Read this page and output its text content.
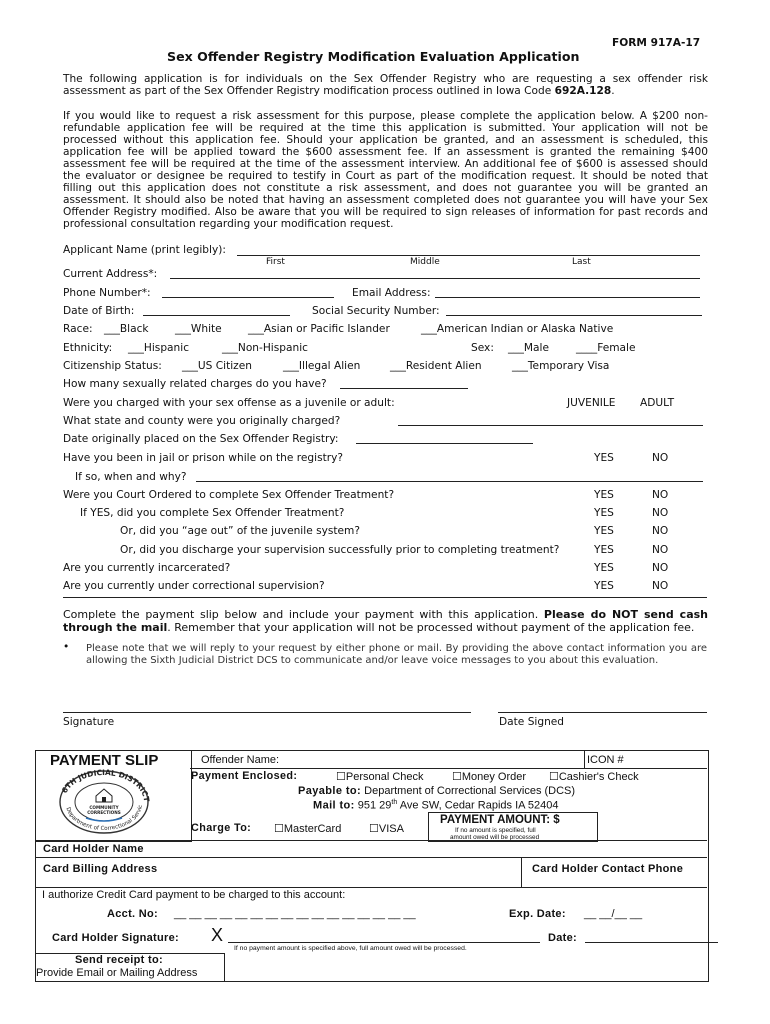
FORM 917A-17
Sex Offender Registry Modification Evaluation Application
The following application is for individuals on the Sex Offender Registry who are requesting a sex offender risk assessment as part of the Sex Offender Registry modification process outlined in Iowa Code 692A.128.
If you would like to request a risk assessment for this purpose, please complete the application below. A $200 non-refundable application fee will be required at the time this application is submitted. Your application will not be processed without this application fee. Should your application be granted, and an assessment is scheduled, this application fee will be applied toward the $600 assessment fee. If an assessment is granted the remaining $400 assessment fee will be required at the time of the assessment interview. An additional fee of $600 is assessed should the evaluator or designee be required to testify in Court as part of the modification request. It should be noted that filling out this application does not constitute a risk assessment, and does not guarantee you will be granted an assessment. It should also be noted that having an assessment completed does not guarantee you will have your Sex Offender Registry modified. Also be aware that you will be required to sign releases of information for past records and professional consultation regarding your modification request.
Applicant Name (print legibly):
First	Middle	Last
Current Address*:
Phone Number*:	Email Address:
Date of Birth:	Social Security Number:
Race: ___Black ___White ___Asian or Pacific Islander	___American Indian or Alaska Native
Ethnicity: ___Hispanic	___Non-Hispanic	Sex: ___Male	____Female
Citizenship Status: ___US Citizen	___Illegal Alien	___Resident Alien	___Temporary Visa
How many sexually related charges do you have?
Were you charged with your sex offense as a juvenile or adult:	JUVENILE ADULT
What state and county were you originally charged?
Date originally placed on the Sex Offender Registry:
Have you been in jail or prison while on the registry?	YES	NO
If so, when and why?
Were you Court Ordered to complete Sex Offender Treatment?	YES	NO
If YES, did you complete Sex Offender Treatment?	YES	NO
Or, did you “age out” of the juvenile system?	YES	NO
Or, did you discharge your supervision successfully prior to completing treatment?	YES	NO
Are you currently incarcerated?	YES	NO
Are you currently under correctional supervision?	YES	NO
Complete the payment slip below and include your payment with this application. Please do NOT send cash through the mail. Remember that your application will not be processed without payment of the application fee.
• Please note that we will reply to your request by either phone or mail. By providing the above contact information you are allowing the Sixth Judicial District DCS to communicate and/or leave voice messages to you about this evaluation.
Signature	Date Signed
PAYMENT SLIP
6TH JUDICIAL DISTRICT
Department of Correctional Servic
COMMUNITY
CORRECTIONS
Offender Name:	ICON #
Payment Enclosed:	☐Personal Check	☐Money Order ☐Cashier's Check
Payable to: Department of Correctional Services (DCS)
Mail to: 951 29th Ave SW, Cedar Rapids IA 52404
Charge To: ☐MasterCard	☐VISA
PAYMENT AMOUNT: $
If no amount is specified, full
amount owed will be processed
Card Holder Name
Card Billing Address	Card Holder Contact Phone
I authorize Credit Card payment to be charged to this account:
Acct. No: __ __ __ __ __ __ __ __ __ __ __ __ __ __ __ __	Exp. Date: __ __/__ __
Card Holder Signature: X	Date:
If no payment amount is specified above, full amount owed will be processed.
Send receipt to:
Provide Email or Mailing Address
